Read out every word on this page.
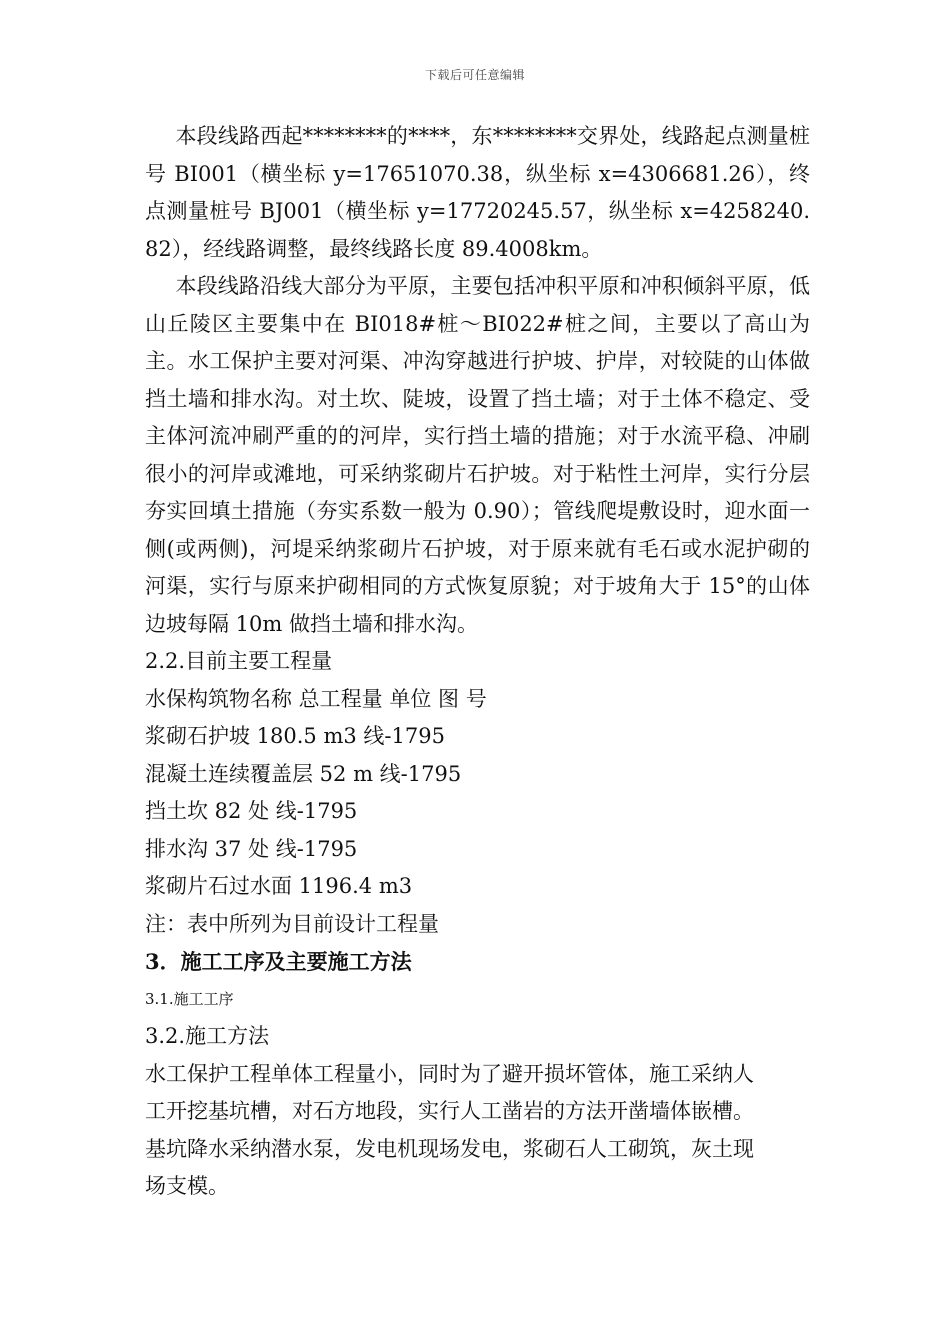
下载后可任意编辑

本段线路西起********的****，东********交界处，线路起点测量桩号 BI001（横坐标 y=17651070.38，纵坐标 x=4306681.26），终点测量桩号 BJ001（横坐标 y=17720245.57，纵坐标 x=4258240.82），经线路调整，最终线路长度 89.4008km。

本段线路沿线大部分为平原，主要包括冲积平原和冲积倾斜平原，低山丘陵区主要集中在 BI018#桩～BI022#桩之间，主要以了高山为主。水工保护主要对河渠、冲沟穿越进行护坡、护岸，对较陡的山体做挡土墙和排水沟。对土坎、陡坡，设置了挡土墙；对于土体不稳定、受主体河流冲刷严重的的河岸，实行挡土墙的措施；对于水流平稳、冲刷很小的河岸或滩地，可采纳浆砌片石护坡。对于粘性土河岸，实行分层夯实回填土措施（夯实系数一般为 0.90）；管线爬堤敷设时，迎水面一侧(或两侧)，河堤采纳浆砌片石护坡，对于原来就有毛石或水泥护砌的河渠，实行与原来护砌相同的方式恢复原貌；对于坡角大于 15°的山体边坡每隔 10m 做挡土墙和排水沟。

2.2.目前主要工程量

水保构筑物名称 总工程量 单位 图 号

浆砌石护坡 180.5 m3 线-1795

混凝土连续覆盖层 52 m 线-1795

挡土坎 82 处 线-1795

排水沟 37 处 线-1795

浆砌片石过水面 1196.4 m3

注：表中所列为目前设计工程量

3．施工工序及主要施工方法

3.1.施工工序

3.2.施工方法

水工保护工程单体工程量小，同时为了避开损坏管体，施工采纳人

工开挖基坑槽，对石方地段，实行人工凿岩的方法开凿墙体嵌槽。

基坑降水采纳潜水泵，发电机现场发电，浆砌石人工砌筑，灰土现

场支模。
